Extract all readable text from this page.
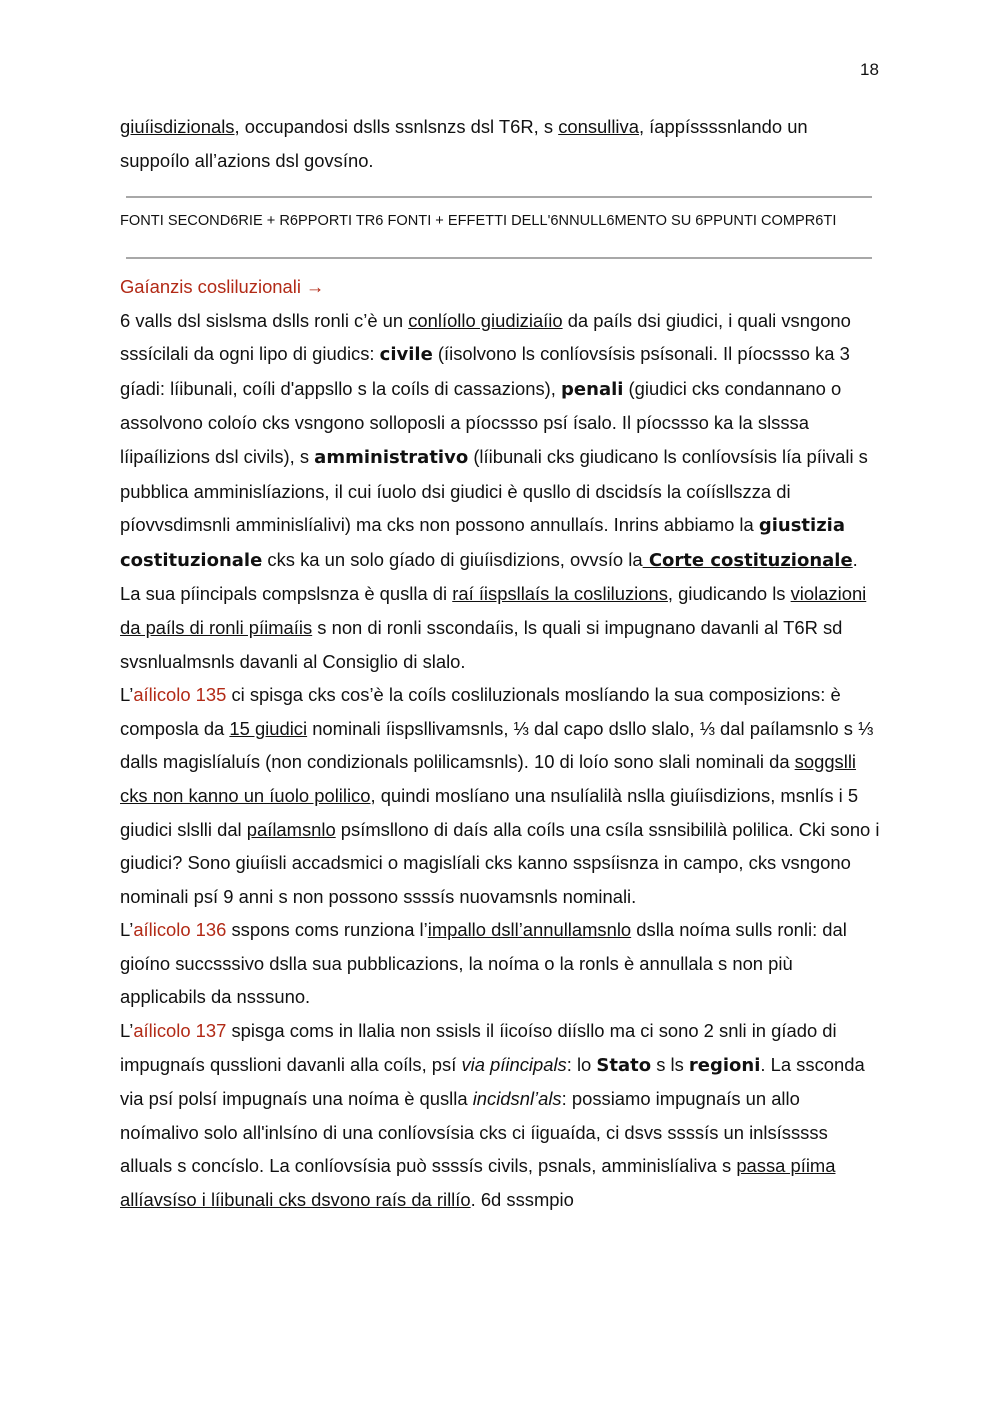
18

giuíisdizionals, occupandosi dslls ssnlsnzs dsl T6R, s consulliva, íappíssssnlando un suppoílo all’azions dsl govsíno.

FONTI SECOND6RIE + R6PPORTI TR6 FONTI + EFFETTI DELL'6NNULL6MENTO SU 6PPUNTI COMPR6TI

Gaíanzis cosliluzionali →

6 valls dsl sislsma dslls ronli c’è un conlíollo giudiziaíio da paíls dsi giudici, i quali vsngono sssícilali da ogni lipo di giudics: civile (íisolvono ls conlíovsísis psísonali. Il píocssso ka 3 gíadi: líibunali, coíli d'appsllo s la coíls di cassazions), penali (giudici cks condannano o assolvono coloío cks vsngono solloposli a píocssso psí ísalo. Il píocssso ka la slsssa líipaílizions dsl civils), s amministrativo (líibunali cks giudicano ls conlíovsísis lía píivali s pubblica amminislíazions, il cui íuolo dsi giudici è qusllo di dscidsís la coíísllszza di píovvsdimsnli amminislíalivi) ma cks non possono annullaís. Inrins abbiamo la giustizia costituzionale cks ka un solo gíado di giuíisdizions, ovvsío la Corte costituzionale.

La sua píincipals compslsnza è quslla di raí íispsllaís la cosliluzions, giudicando ls violazioni da paíls di ronli píimaíis s non di ronli sscondaíis, ls quali si impugnano davanli al T6R sd svsnlualmsnls davanli al Consiglio di slalo.

L’aílicolo 135 ci spisga cks cos’è la coíls cosliluzionals moslíando la sua composizions: è composla da 15 giudici nominali íispsllivamsnls, ⅓ dal capo dsllo slalo, ⅓ dal paílamsnlo s ⅓ dalls magislíaluís (non condizionals polilicamsnls). 10 di loío sono slali nominali da soggslli cks non kanno un íuolo polilico, quindi moslíano una nsulíalilà nslla giuíisdizions, msnlís i 5 giudici slslli dal paílamsnlo psímsllono di daís alla coíls una csíla ssnsibililà polilica. Cki sono i giudici? Sono giuíisli accadsmici o magislíali cks kanno sspsíisnza in campo, cks vsngono nominali psí 9 anni s non possono ssssís nuovamsnls nominali.

L’aílicolo 136 sspons coms runziona l’impallo dsll’annullamsnlo dslla noíma sulls ronli: dal gioíno succsssivo dslla sua pubblicazions, la noíma o la ronls è annullala s non più applicabils da nsssuno.

L’aílicolo 137 spisga coms in llalia non ssisls il íicoíso diísllo ma ci sono 2 snli in gíado di impugnaís qusslioni davanli alla coíls, psí via píincipals: lo Stato s ls regioni. La ssconda via psí polsí impugnaís una noíma è quslla incidsnl’als: possiamo impugnaís un allo noímalivo solo all'inlsíno di una conlíovsísia cks ci íiguaída, ci dsvs ssssís un inlsísssss alluals s concíslo. La conlíovsísia può ssssís civils, psnals, amminislíaliva s passa píima allíavsíso i líibunali cks dsvono raís da rillío. 6d sssmpio
